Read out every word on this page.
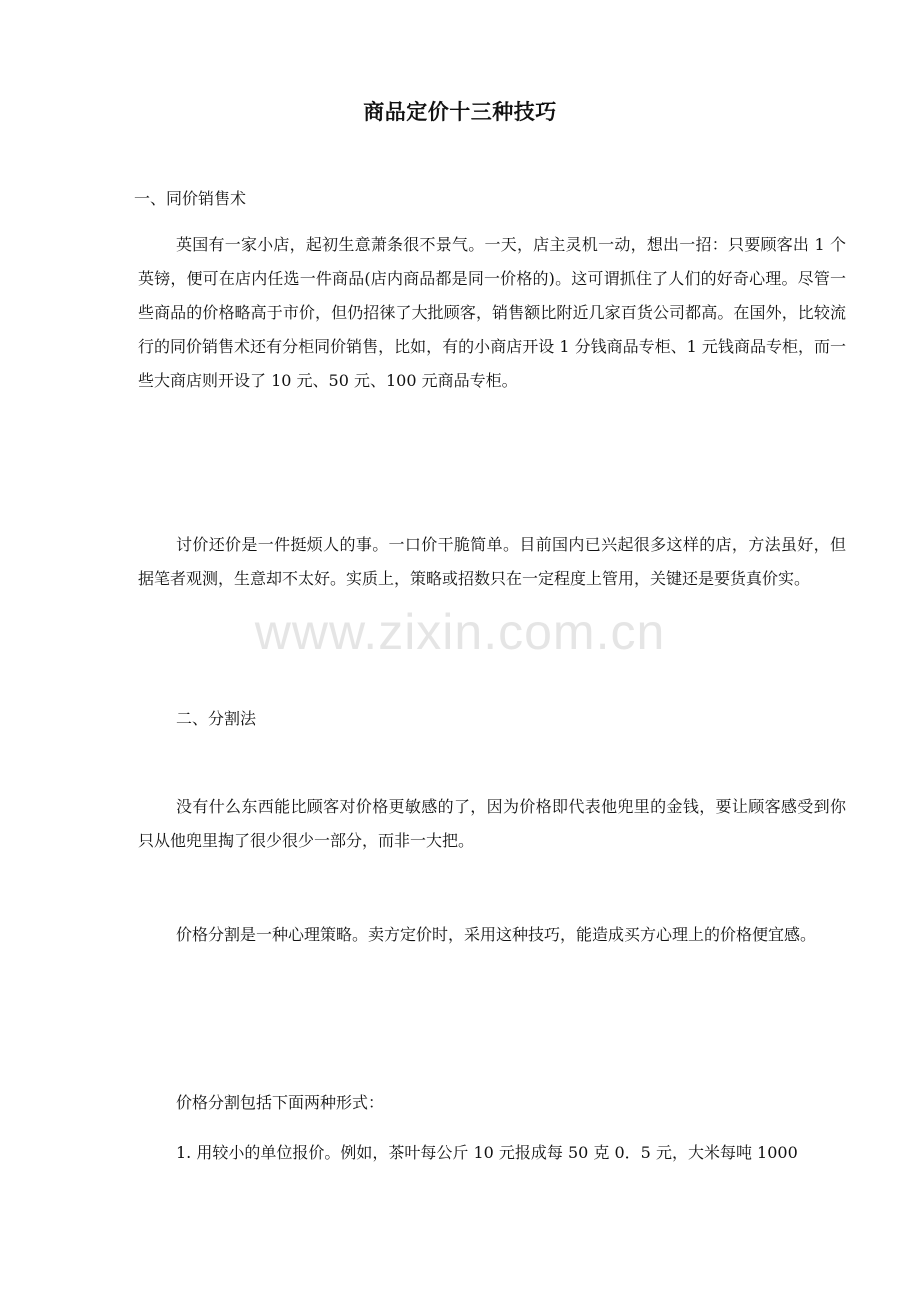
商品定价十三种技巧
一、同价销售术

英国有一家小店，起初生意萧条很不景气。一天，店主灵机一动，想出一招：只要顾客出 1 个英镑，便可在店内任选一件商品(店内商品都是同一价格的)。这可谓抓住了人们的好奇心理。尽管一些商品的价格略高于市价，但仍招徕了大批顾客，销售额比附近几家百货公司都高。在国外，比较流行的同价销售术还有分柜同价销售，比如，有的小商店开设 1 分钱商品专柜、1 元钱商品专柜，而一些大商店则开设了 10 元、50 元、100 元商品专柜。

讨价还价是一件挺烦人的事。一口价干脆简单。目前国内已兴起很多这样的店，方法虽好，但据笔者观测，生意却不太好。实质上，策略或招数只在一定程度上管用，关键还是要货真价实。

二、分割法

没有什么东西能比顾客对价格更敏感的了，因为价格即代表他兜里的金钱，要让顾客感受到你只从他兜里掏了很少很少一部分，而非一大把。

价格分割是一种心理策略。卖方定价时，采用这种技巧，能造成买方心理上的价格便宜感。

价格分割包括下面两种形式：

1. 用较小的单位报价。例如，茶叶每公斤 10 元报成每 50 克 0．5 元，大米每吨 1000

www.zixin.com.cn
